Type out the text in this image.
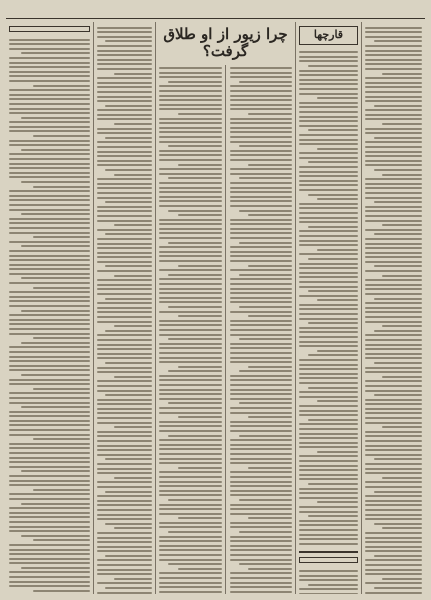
قارچها
چرا زیور از او طلاق گرفت؟
